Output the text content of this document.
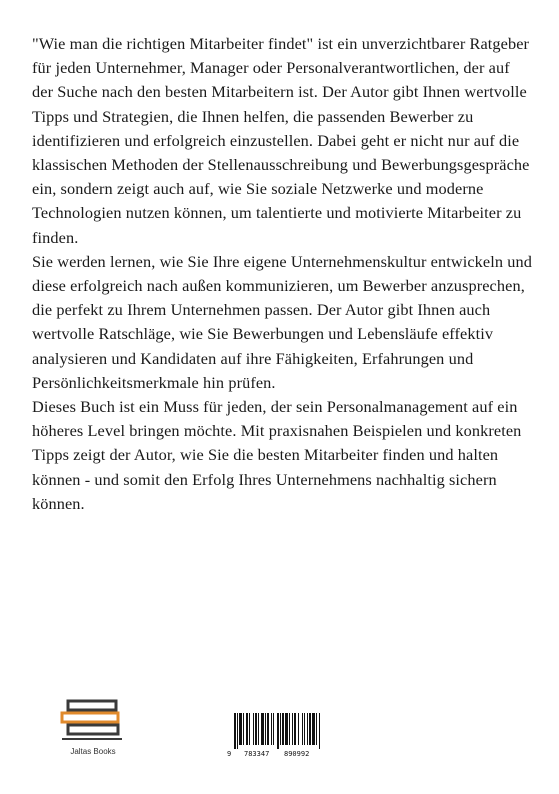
"Wie man die richtigen Mitarbeiter findet" ist ein unverzichtbarer Ratgeber für jeden Unternehmer, Manager oder Personalverantwortlichen, der auf der Suche nach den besten Mitarbeitern ist. Der Autor gibt Ihnen wertvolle Tipps und Strategien, die Ihnen helfen, die passenden Bewerber zu identifizieren und erfolgreich einzustellen. Dabei geht er nicht nur auf die klassischen Methoden der Stellenausschreibung und Bewerbungsgespräche ein, sondern zeigt auch auf, wie Sie soziale Netzwerke und moderne Technologien nutzen können, um talentierte und motivierte Mitarbeiter zu finden.

Sie werden lernen, wie Sie Ihre eigene Unternehmenskultur entwickeln und diese erfolgreich nach außen kommunizieren, um Bewerber anzusprechen, die perfekt zu Ihrem Unternehmen passen. Der Autor gibt Ihnen auch wertvolle Ratschläge, wie Sie Bewerbungen und Lebensläufe effektiv analysieren und Kandidaten auf ihre Fähigkeiten, Erfahrungen und Persönlichkeitsmerkmale hin prüfen.

Dieses Buch ist ein Muss für jeden, der sein Personalmanagement auf ein höheres Level bringen möchte. Mit praxisnahen Beispielen und konkreten Tipps zeigt der Autor, wie Sie die besten Mitarbeiter finden und halten können - und somit den Erfolg Ihres Unternehmens nachhaltig sichern können.

Jaltas Books	9 783347 890992
